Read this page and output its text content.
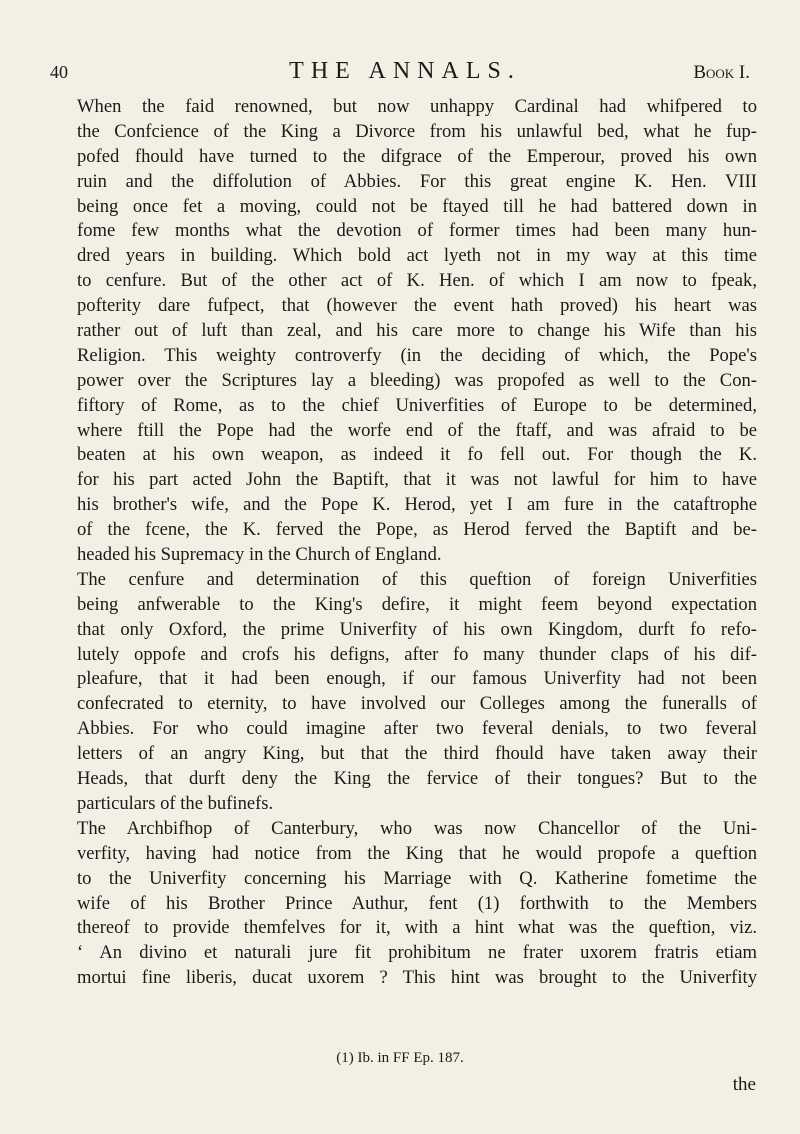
40	THE ANNALS.	Book I.
When the faid renowned, but now unhappy Cardinal had whifpered to
the Confcience of the King a Divorce from his unlawful bed, what he fup-
pofed fhould have turned to the difgrace of the Emperour, proved his own
ruin and the diffolution of Abbies. For this great engine K. Hen. VIII
being once fet a moving, could not be ftayed till he had battered down in
fome few months what the devotion of former times had been many hun-
dred years in building. Which bold act lyeth not in my way at this time
to cenfure. But of the other act of K. Hen. of which I am now to fpeak,
pofterity dare fufpect, that (however the event hath proved) his heart was
rather out of luft than zeal, and his care more to change his Wife than his
Religion. This weighty controverfy (in the deciding of which, the Pope's
power over the Scriptures lay a bleeding) was propofed as well to the Con-
fiftory of Rome, as to the chief Univerfities of Europe to be determined,
where ftill the Pope had the worfe end of the ftaff, and was afraid to be
beaten at his own weapon, as indeed it fo fell out. For though the K.
for his part acted John the Baptift, that it was not lawful for him to have
his brother's wife, and the Pope K. Herod, yet I am fure in the cataftrophe
of the fcene, the K. ferved the Pope, as Herod ferved the Baptift and be-
headed his Supremacy in the Church of England.
The cenfure and determination of this queftion of foreign Univerfities
being anfwerable to the King's defire, it might feem beyond expectation
that only Oxford, the prime Univerfity of his own Kingdom, durft fo refo-
lutely oppofe and crofs his defigns, after fo many thunder claps of his dif-
pleafure, that it had been enough, if our famous Univerfity had not been
confecrated to eternity, to have involved our Colleges among the funeralls of
Abbies. For who could imagine after two feveral denials, to two feveral
letters of an angry King, but that the third fhould have taken away their
Heads, that durft deny the King the fervice of their tongues? But to the
particulars of the bufinefs.
The Archbifhop of Canterbury, who was now Chancellor of the Uni-
verfity, having had notice from the King that he would propofe a queftion
to the Univerfity concerning his Marriage with Q. Katherine fometime the
wife of his Brother Prince Authur, fent (1) forthwith to the Members
thereof to provide themfelves for it, with a hint what was the queftion, viz.
‘ An divino et naturali jure fit prohibitum ne frater uxorem fratris etiam
mortui fine liberis, ducat uxorem ? This hint was brought to the Univerfity
(1) Ib. in FF Ep. 187.
the
